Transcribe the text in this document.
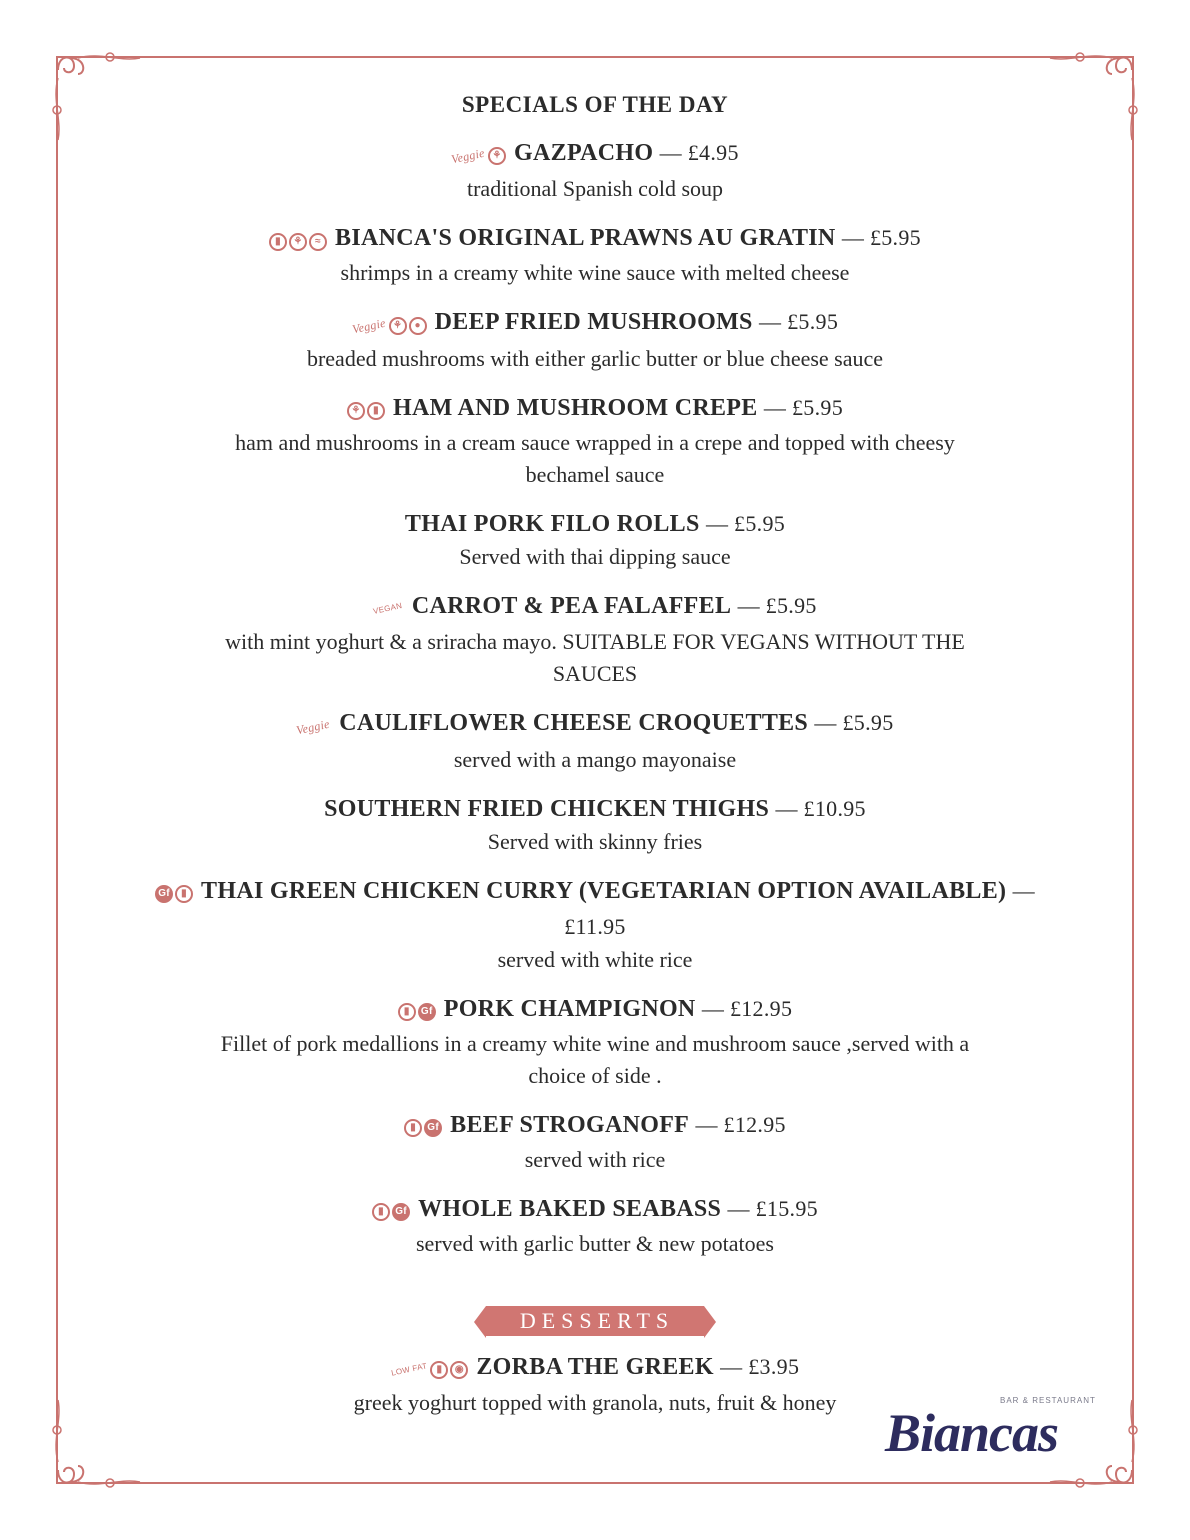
SPECIALS OF THE DAY
Veggie ⚘ GAZPACHO — £4.95
traditional Spanish cold soup
▮ ⚘ ≈ BIANCA'S ORIGINAL PRAWNS AU GRATIN — £5.95
shrimps in a creamy white wine sauce with melted cheese
Veggie ⚘ ● DEEP FRIED MUSHROOMS — £5.95
breaded mushrooms with either garlic butter or blue cheese sauce
⚘ ▮ HAM AND MUSHROOM CREPE — £5.95
ham and mushrooms in a cream sauce wrapped in a crepe and topped with cheesy
bechamel sauce
THAI PORK FILO ROLLS — £5.95
Served with thai dipping sauce
VEGAN CARROT & PEA FALAFFEL — £5.95
with mint yoghurt & a sriracha mayo. SUITABLE FOR VEGANS WITHOUT THE
SAUCES
Veggie CAULIFLOWER CHEESE CROQUETTES — £5.95
served with a mango mayonaise
SOUTHERN FRIED CHICKEN THIGHS — £10.95
Served with skinny fries
Gf ▮ THAI GREEN CHICKEN CURRY (VEGETARIAN OPTION AVAILABLE) — £11.95
served with white rice
▮ Gf PORK CHAMPIGNON — £12.95
Fillet of pork medallions in a creamy white wine and mushroom sauce ,served with a
choice of side .
▮ Gf BEEF STROGANOFF — £12.95
served with rice
▮ Gf WHOLE BAKED SEABASS — £15.95
served with garlic butter & new potatoes
DESSERTS
LOW FAT ▮ ◉ ZORBA THE GREEK — £3.95
greek yoghurt topped with granola, nuts, fruit & honey	BAR & RESTAURANT
Biancas
